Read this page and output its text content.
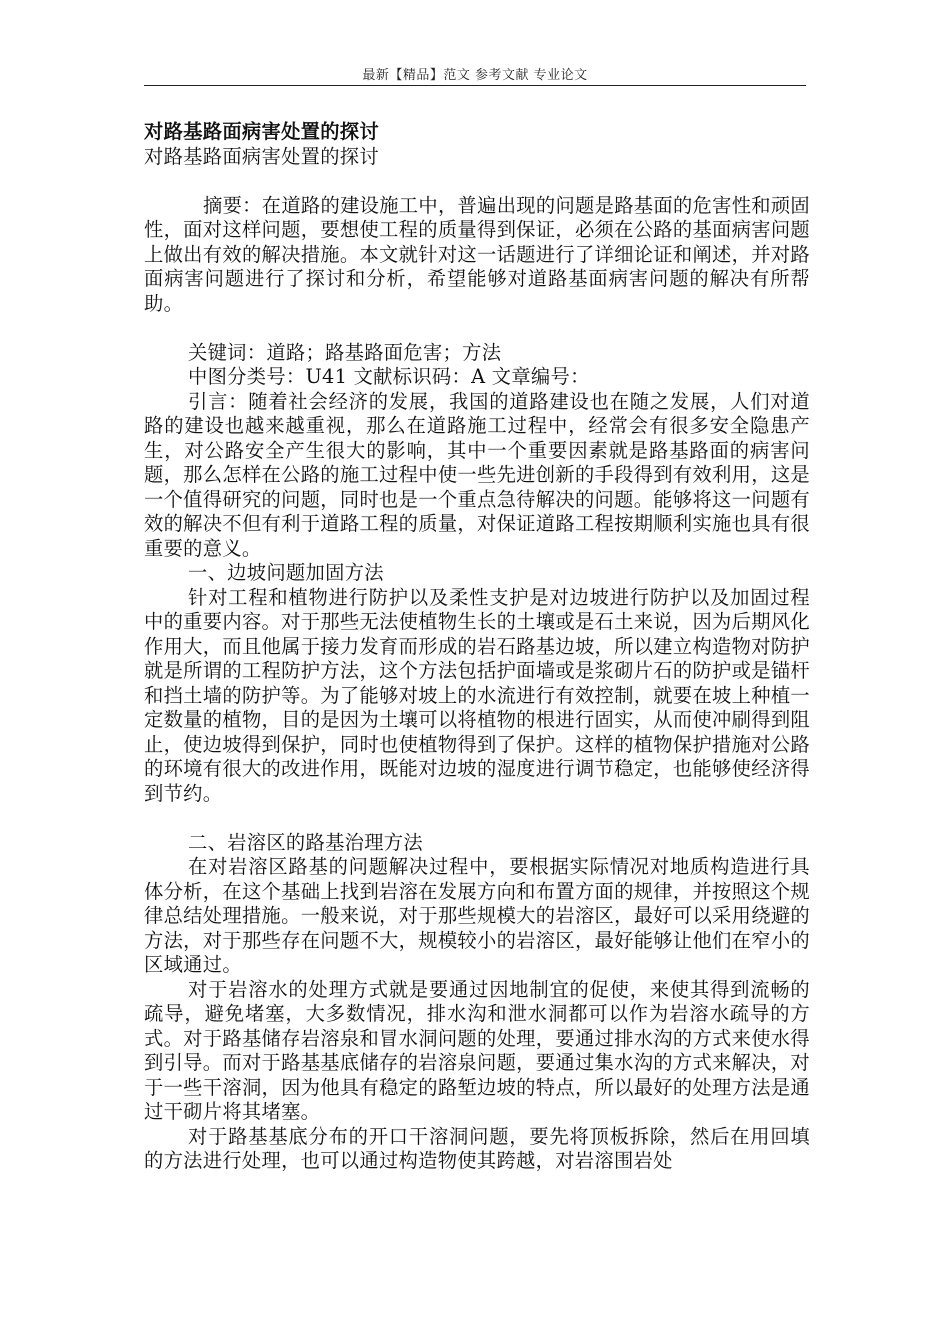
最新【精品】范文 参考文献 专业论文

对路基路面病害处置的探讨

对路基路面病害处置的探讨

摘要：在道路的建设施工中，普遍出现的问题是路基面的危害性和顽固性，面对这样问题，要想使工程的质量得到保证，必须在公路的基面病害问题上做出有效的解决措施。本文就针对这一话题进行了详细论证和阐述，并对路面病害问题进行了探讨和分析，希望能够对道路基面病害问题的解决有所帮助。

关键词：道路；路基路面危害；方法

中图分类号：U41 文献标识码：A 文章编号：

引言：随着社会经济的发展，我国的道路建设也在随之发展，人们对道路的建设也越来越重视，那么在道路施工过程中，经常会有很多安全隐患产生，对公路安全产生很大的影响，其中一个重要因素就是路基路面的病害问题，那么怎样在公路的施工过程中使一些先进创新的手段得到有效利用，这是一个值得研究的问题，同时也是一个重点急待解决的问题。能够将这一问题有效的解决不但有利于道路工程的质量，对保证道路工程按期顺利实施也具有很重要的意义。

一、边坡问题加固方法

针对工程和植物进行防护以及柔性支护是对边坡进行防护以及加固过程中的重要内容。对于那些无法使植物生长的土壤或是石土来说，因为后期风化作用大，而且他属于接力发育而形成的岩石路基边坡，所以建立构造物对防护就是所谓的工程防护方法，这个方法包括护面墙或是浆砌片石的防护或是锚杆和挡土墙的防护等。为了能够对坡上的水流进行有效控制，就要在坡上种植一定数量的植物，目的是因为土壤可以将植物的根进行固实，从而使冲刷得到阻止，使边坡得到保护，同时也使植物得到了保护。这样的植物保护措施对公路的环境有很大的改进作用，既能对边坡的湿度进行调节稳定，也能够使经济得到节约。

二、岩溶区的路基治理方法

在对岩溶区路基的问题解决过程中，要根据实际情况对地质构造进行具体分析，在这个基础上找到岩溶在发展方向和布置方面的规律，并按照这个规律总结处理措施。一般来说，对于那些规模大的岩溶区，最好可以采用绕避的方法，对于那些存在问题不大，规模较小的岩溶区，最好能够让他们在窄小的区域通过。

对于岩溶水的处理方式就是要通过因地制宜的促使，来使其得到流畅的疏导，避免堵塞，大多数情况，排水沟和泄水洞都可以作为岩溶水疏导的方式。对于路基储存岩溶泉和冒水洞问题的处理，要通过排水沟的方式来使水得到引导。而对于路基基底储存的岩溶泉问题，要通过集水沟的方式来解决，对于一些干溶洞，因为他具有稳定的路堑边坡的特点，所以最好的处理方法是通过干砌片将其堵塞。

对于路基基底分布的开口干溶洞问题，要先将顶板拆除，然后在用回填的方法进行处理，也可以通过构造物使其跨越，对岩溶围岩处
